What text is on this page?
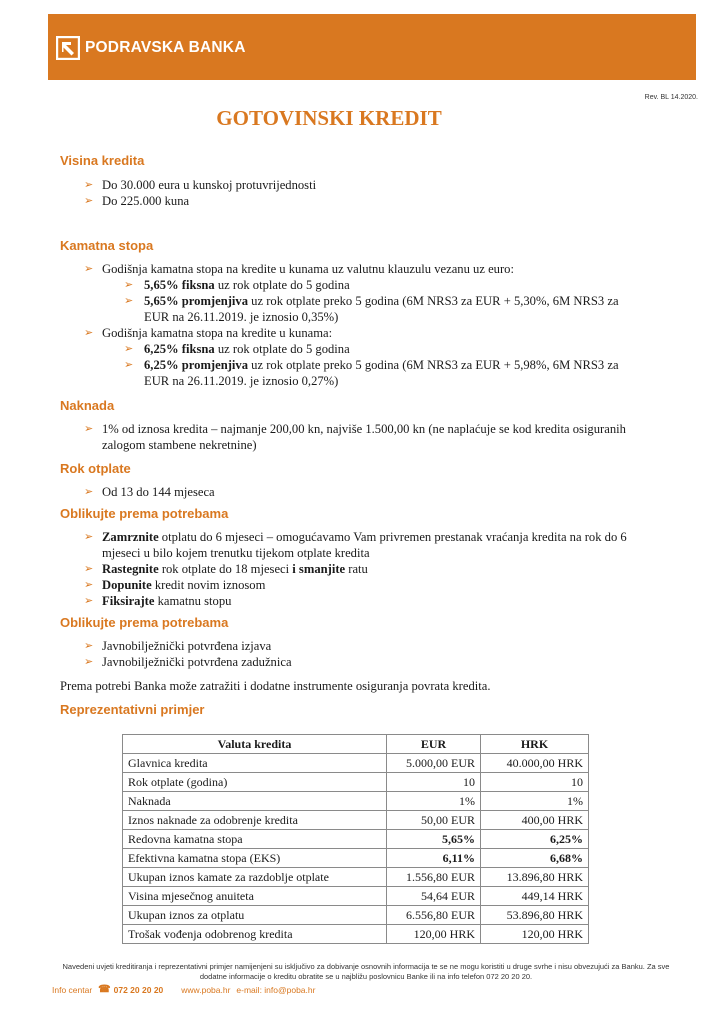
PODRAVSKA BANKA
Rev. BL 14.2020.
GOTOVINSKI KREDIT

Visina kredita

➢ Do 30.000 eura u kunskoj protuvrijednosti
➢ Do 225.000 kuna

Kamatna stopa

➢ Godišnja kamatna stopa na kredite u kunama uz valutnu klauzulu vezanu uz euro:
➢ 5,65% fiksna uz rok otplate do 5 godina
➢ 5,65% promjenjiva uz rok otplate preko 5 godina (6M NRS3 za EUR + 5,30%, 6M NRS3 za EUR na 26.11.2019. je iznosio 0,35%)
➢ Godišnja kamatna stopa na kredite u kunama:
➢ 6,25% fiksna uz rok otplate do 5 godina
➢ 6,25% promjenjiva uz rok otplate preko 5 godina (6M NRS3 za EUR + 5,98%, 6M NRS3 za EUR na 26.11.2019. je iznosio 0,27%)

Naknada

➢ 1% od iznosa kredita – najmanje 200,00 kn, najviše 1.500,00 kn (ne naplaćuje se kod kredita osiguranih zalogom stambene nekretnine)

Rok otplate

➢ Od 13 do 144 mjeseca

Oblikujte prema potrebama

➢ Zamrznite otplatu do 6 mjeseci – omogućavamo Vam privremen prestanak vraćanja kredita na rok do 6 mjeseci u bilo kojem trenutku tijekom otplate kredita
➢ Rastegnite rok otplate do 18 mjeseci i smanjite ratu
➢ Dopunite kredit novim iznosom
➢ Fiksirajte kamatnu stopu

Oblikujte prema potrebama

➢ Javnobilježnički potvrđena izjava
➢ Javnobilježnički potvrđena zadužnica

Prema potrebi Banka može zatražiti i dodatne instrumente osiguranja povrata kredita.

Reprezentativni primjer

Valuta kredita	EUR	HRK
Glavnica kredita	5.000,00 EUR	40.000,00 HRK
Rok otplate (godina)	10	10
Naknada	1%	1%
Iznos naknade za odobrenje kredita	50,00 EUR	400,00 HRK
Redovna kamatna stopa	5,65%	6,25%
Efektivna kamatna stopa (EKS)	6,11%	6,68%
Ukupan iznos kamate za razdoblje otplate	1.556,80 EUR	13.896,80 HRK
Visina mjesečnog anuiteta	54,64 EUR	449,14 HRK
Ukupan iznos za otplatu	6.556,80 EUR	53.896,80 HRK
Trošak vođenja odobrenog kredita	120,00 HRK	120,00 HRK
Navedeni uvjeti kreditiranja i reprezentativni primjer namijenjeni su isključivo za dobivanje osnovnih informacija te se ne mogu koristiti u druge svrhe i nisu obvezujući za Banku. Za sve dodatne informacije o kreditu obratite se u najbližu poslovnicu Banke ili na info telefon 072 20 20 20.
Info centar ☎ 072 20 20 20 www.poba.hr e-mail: info@poba.hr
